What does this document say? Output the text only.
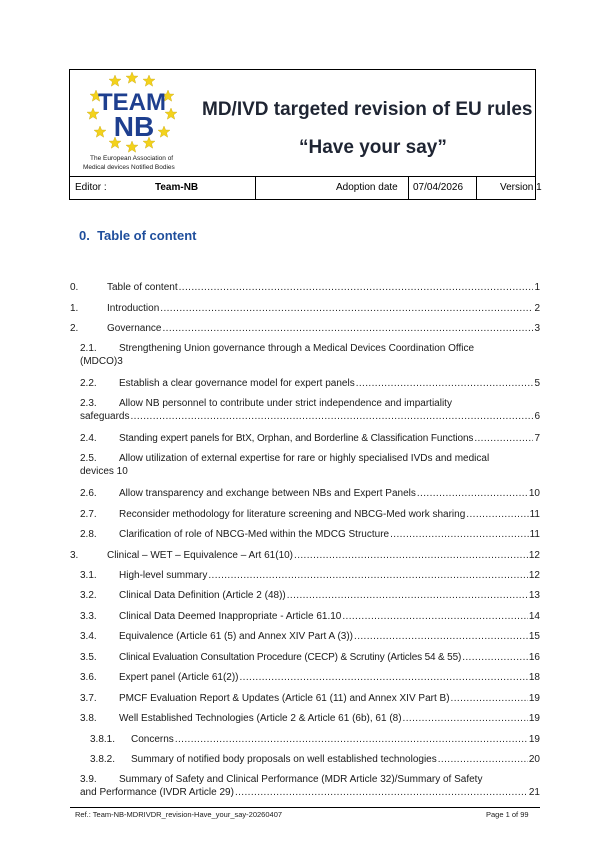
TEAM
NB
The European Association of
Medical devices Notified Bodies
MD/IVD targeted revision of EU rules
“Have your say”
Editor :	Team-NB	Adoption date 07/04/2026	Version 1
0. Table of content
0.	Table of content .....	1
1.	Introduction .....	2
2.	Governance .....	3
2.1. Strengthening Union governance through a Medical Devices Coordination Office
(MDCO)3
2.2.	Establish a clear governance model for expert panels .....	5
2.3. Allow NB personnel to contribute under strict independence and impartiality
safeguards .....	6
2.4.	Standing expert panels for BtX, Orphan, and Borderline & Classification Functions .....	7
2.5. Allow utilization of external expertise for rare or highly specialised IVDs and medical
devices 10
2.6.	Allow transparency and exchange between NBs and Expert Panels .....	10
2.7.	Reconsider methodology for literature screening and NBCG-Med work sharing .....	11
2.8.	Clarification of role of NBCG-Med within the MDCG Structure .....	11
3.	Clinical – WET – Equivalence – Art 61(10) .....	12
3.1.	High-level summary .....	12
3.2.	Clinical Data Definition (Article 2 (48)) .....	13
3.3.	Clinical Data Deemed Inappropriate - Article 61.10 .....	14
3.4.	Equivalence (Article 61 (5) and Annex XIV Part A (3)) .....	15
3.5.	Clinical Evaluation Consultation Procedure (CECP) & Scrutiny (Articles 54 & 55) .....	16
3.6.	Expert panel (Article 61(2)) .....	18
3.7.	PMCF Evaluation Report & Updates (Article 61 (11) and Annex XIV Part B) .....	19
3.8.	Well Established Technologies (Article 2 & Article 61 (6b), 61 (8) .....	19
3.8.1.	Concerns .....	19
3.8.2.	Summary of notified body proposals on well established technologies .....	20
3.9. Summary of Safety and Clinical Performance (MDR Article 32)/Summary of Safety
and Performance (IVDR Article 29) .....	21
Ref.: Team-NB-MDRIVDR_revision-Have_your_say-20260407	Page 1 of 99
